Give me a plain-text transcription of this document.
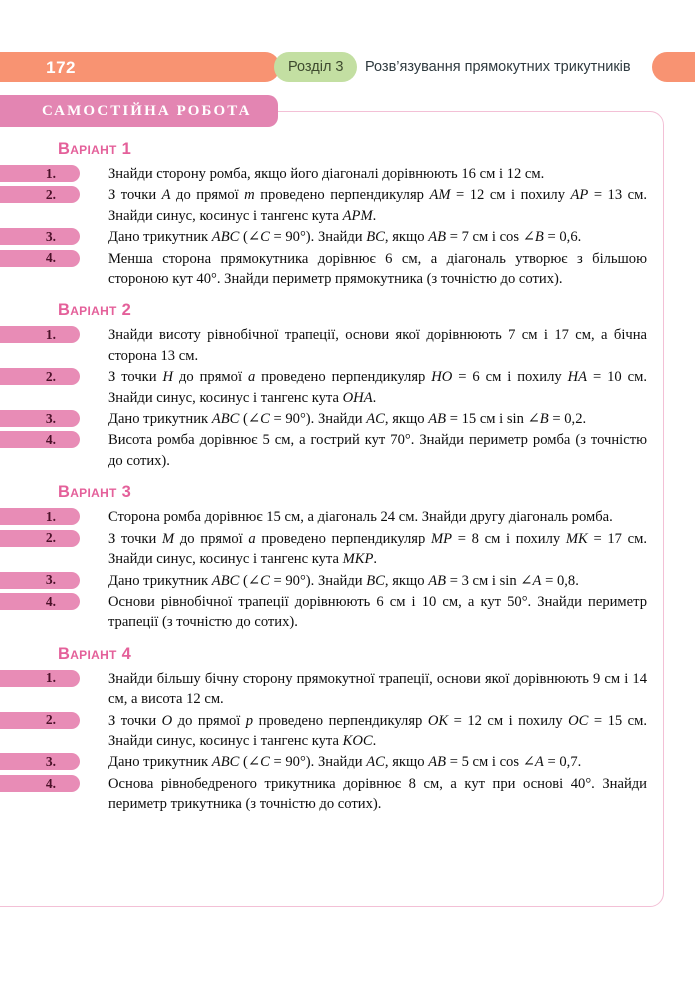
172	Розділ 3 Розв’язування прямокутних трикутників
САМОСТІЙНА РОБОТА
Варіант 1
1.	Знайди сторону ромба, якщо його діагоналі дорівнюють 16 см і 12 см.
2.	З точки A до прямої m проведено перпендикуляр AM = 12 см і похилу AP = 13 см. Знайди синус, косинус і тангенс кута APM.
3.	Дано трикутник ABC (∠C = 90°). Знайди BC, якщо AB = 7 см і cos ∠B = 0,6.
4.	Менша сторона прямокутника дорівнює 6 см, а діагональ утворює з більшою стороною кут 40°. Знайди периметр прямокутника (з точністю до сотих).
Варіант 2
1.	Знайди висоту рівнобічної трапеції, основи якої дорівнюють 7 см і 17 см, а бічна сторона 13 см.
2.	З точки H до прямої a проведено перпендикуляр HO = 6 см і похилу HA = 10 см. Знайди синус, косинус і тангенс кута OHA.
3.	Дано трикутник ABC (∠C = 90°). Знайди AC, якщо AB = 15 см і sin ∠B = 0,2.
4.	Висота ромба дорівнює 5 см, а гострий кут 70°. Знайди периметр ромба (з точністю до сотих).
Варіант 3
1.	Сторона ромба дорівнює 15 см, а діагональ 24 см. Знайди другу діагональ ромба.
2.	З точки M до прямої a проведено перпендикуляр MP = 8 см і похилу MK = 17 см. Знайди синус, косинус і тангенс кута MKP.
3.	Дано трикутник ABC (∠C = 90°). Знайди BC, якщо AB = 3 см і sin ∠A = 0,8.
4.	Основи рівнобічної трапеції дорівнюють 6 см і 10 см, а кут 50°. Знайди периметр трапеції (з точністю до сотих).
Варіант 4
1.	Знайди більшу бічну сторону прямокутної трапеції, основи якої дорівнюють 9 см і 14 см, а висота 12 см.
2.	З точки O до прямої p проведено перпендикуляр OK = 12 см і похилу OC = 15 см. Знайди синус, косинус і тангенс кута KOC.
3.	Дано трикутник ABC (∠C = 90°). Знайди AC, якщо AB = 5 см і cos ∠A = 0,7.
4.	Основа рівнобедреного трикутника дорівнює 8 см, а кут при основі 40°. Знайди периметр трикутника (з точністю до сотих).
